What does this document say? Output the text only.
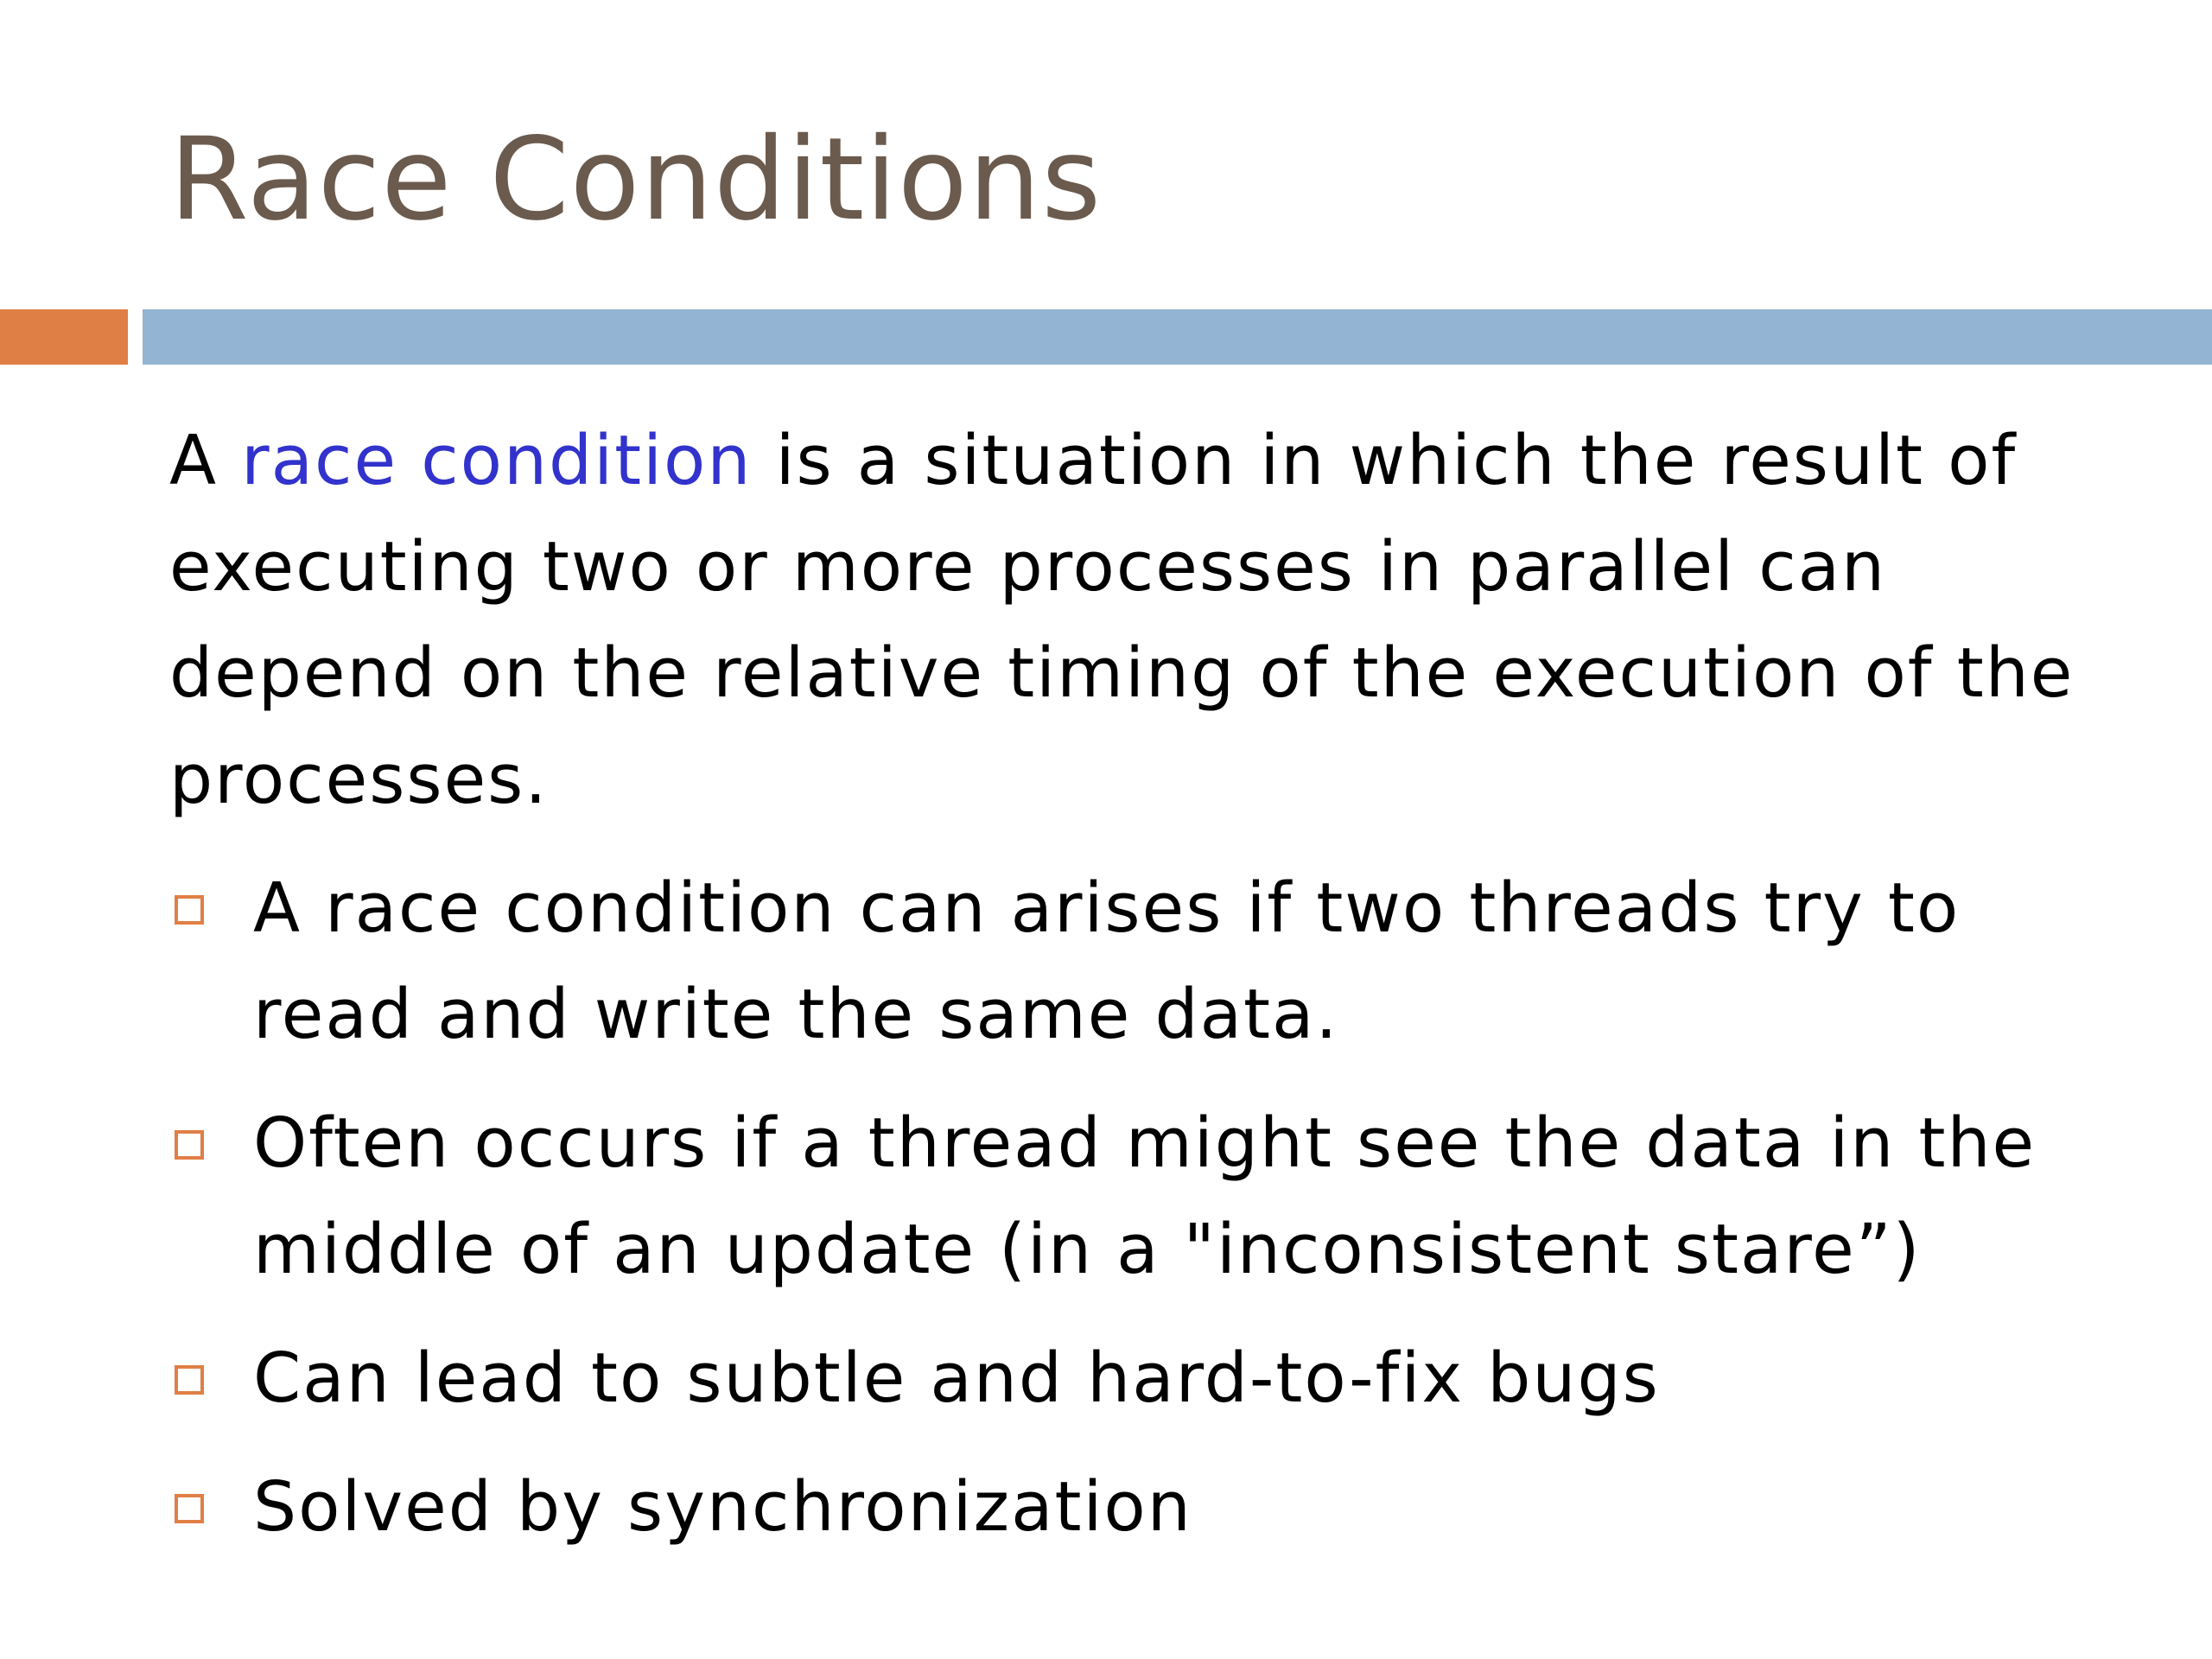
Race Conditions
A race condition is a situation in which the result of executing two or more processes in parallel can depend on the relative timing of the execution of the processes.
A race condition can arises if two threads try to read and write the same data.
Often occurs if a thread might see the data in the middle of an update (in a "inconsistent stare”)
Can lead to subtle and hard-to-fix bugs
Solved by synchronization
